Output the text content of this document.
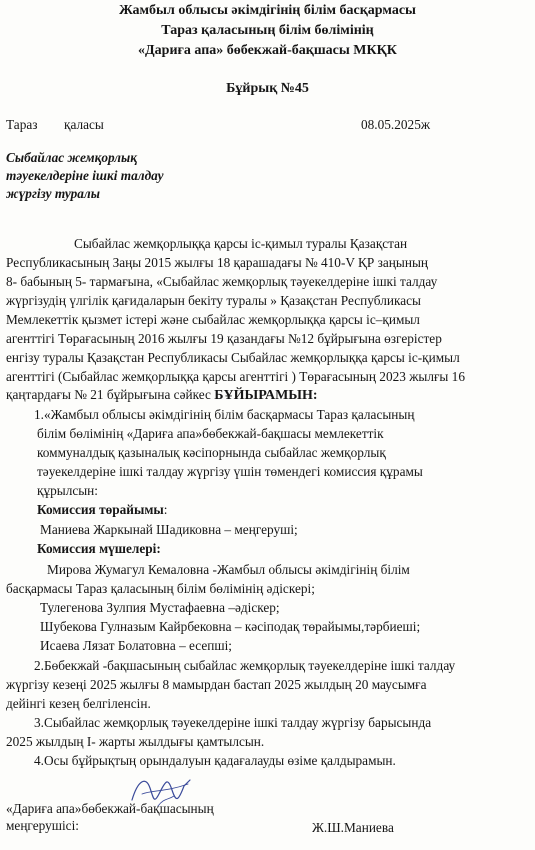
Жамбыл облысы әкімдігінің білім басқармасы
Тараз қаласының білім бөлімінің
«Дариға апа» бөбекжай-бақшасы МКҚК
Бұйрық №45
Тараз қаласы	08.05.2025ж
Сыбайлас жемқорлық
тәуекелдеріне ішкі талдау
жүргізу туралы
Сыбайлас жемқорлыққа қарсы іс-қимыл туралы Қазақстан
Республикасының Заңы 2015 жылғы 18 қарашадағы № 410-V ҚР заңының
8- бабының 5- тармағына, «Сыбайлас жемқорлық тәуекелдеріне ішкі талдау
жүргізудің үлгілік қағидаларын бекіту туралы » Қазақстан Республикасы
Мемлекеттік қызмет істері және сыбайлас жемқорлыққа қарсы іс–қимыл
агенттігі Төрағасының 2016 жылғы 19 қазандағы №12 бұйрығына өзгерістер
енгізу туралы Қазақстан Республикасы Сыбайлас жемқорлыққа қарсы іс-қимыл
агенттігі (Сыбайлас жемқорлыққа қарсы агенттігі ) Төрағасының 2023 жылғы 16
қаңтардағы № 21 бұйрығына сәйкес БҰЙЫРАМЫН:
1.«Жамбыл облысы әкімдігінің білім басқармасы Тараз қаласының
білім бөлімінің «Дариға апа»бөбекжай-бақшасы мемлекеттік
коммуналдық қазыналық кәсіпорнында сыбайлас жемқорлық
тәуекелдеріне ішкі талдау жүргізу үшін төмендегі комиссия құрамы
құрылсын:
Комиссия төрайымы:
Маниева Жаркынай Шадиковна – меңгеруші;
Комиссия мүшелері:
Мирова Жумагул Кемаловна -Жамбыл облысы әкімдігінің білім
басқармасы Тараз қаласының білім бөлімінің әдіскері;
Тулегенова Зулпия Мустафаевна –әдіскер;
Шубекова Гулназым Кайрбековна – кәсіподақ төрайымы,тәрбиеші;
Исаева Лязат Болатовна – есепші;
2.Бөбекжай -бақшасының сыбайлас жемқорлық тәуекелдеріне ішкі талдау
жүргізу кезеңі 2025 жылғы 8 мамырдан бастап 2025 жылдың 20 маусымға
дейінгі кезең белгіленсін.
3.Сыбайлас жемқорлық тәуекелдеріне ішкі талдау жүргізу барысында
2025 жылдың І- жарты жылдығы қамтылсын.
4.Осы бұйрықтың орындалуын қадағалауды өзіме қалдырамын.
«Дариға апа»бөбекжай-бақшасының
меңгерушісі:	Ж.Ш.Маниева
